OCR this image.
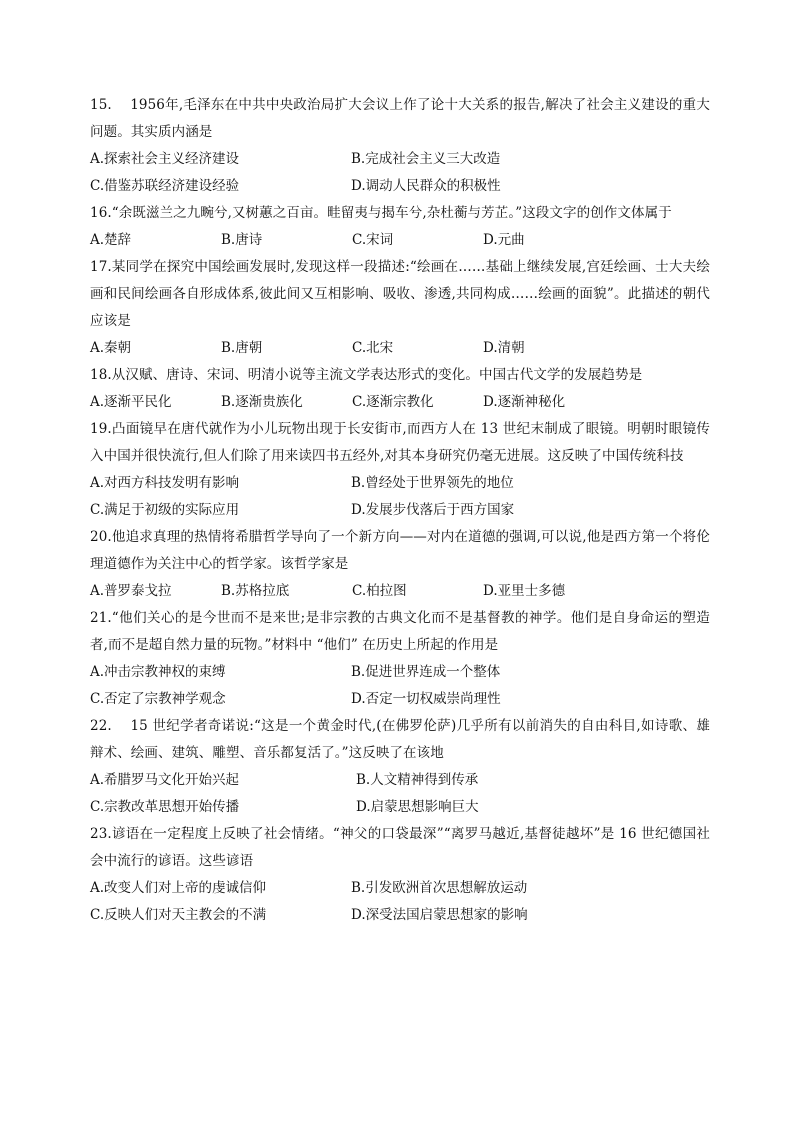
15.　 1956年,毛泽东在中共中央政治局扩大会议上作了论十大关系的报告,解决了社会主义建设的重大问题。其实质内涵是

A.探索社会主义经济建设	B.完成社会主义三大改造
C.借鉴苏联经济建设经验	D.调动人民群众的积极性

16.“余既滋兰之九畹兮,又树蕙之百亩。畦留夷与揭车兮,杂杜蘅与芳芷。”这段文字的创作文体属于

A.楚辞	B.唐诗	C.宋词	D.元曲

17.某同学在探究中国绘画发展时,发现这样一段描述:“绘画在……基础上继续发展,宫廷绘画、士大夫绘画和民间绘画各自形成体系,彼此间又互相影响、吸收、渗透,共同构成……绘画的面貌”。此描述的朝代应该是

A.秦朝	B.唐朝	C.北宋	D.清朝

18.从汉赋、唐诗、宋词、明清小说等主流文学表达形式的变化。中国古代文学的发展趋势是

A.逐渐平民化	B.逐渐贵族化	C.逐渐宗教化	D.逐渐神秘化

19.凸面镜早在唐代就作为小儿玩物出现于长安街市,而西方人在 13 世纪末制成了眼镜。明朝时眼镜传入中国并很快流行,但人们除了用来读四书五经外,对其本身研究仍毫无进展。这反映了中国传统科技

A.对西方科技发明有影响	B.曾经处于世界领先的地位
C.满足于初级的实际应用	D.发展步伐落后于西方国家

20.他追求真理的热情将希腊哲学导向了一个新方向——对内在道德的强调,可以说,他是西方第一个将伦理道德作为关注中心的哲学家。该哲学家是

A.普罗泰戈拉	B.苏格拉底	C.柏拉图	D.亚里士多德

21.“他们关心的是今世而不是来世;是非宗教的古典文化而不是基督教的神学。他们是自身命运的塑造者,而不是超自然力量的玩物。”材料中 “他们” 在历史上所起的作用是

A.冲击宗教神权的束缚	B.促进世界连成一个整体
C.否定了宗教神学观念	D.否定一切权威崇尚理性

22.　 15 世纪学者奇诺说:“这是一个黄金时代,(在佛罗伦萨)几乎所有以前消失的自由科目,如诗歌、雄辩术、绘画、建筑、雕塑、音乐都复活了。”这反映了在该地

A.希腊罗马文化开始兴起	B.人文精神得到传承
C.宗教改革思想开始传播	D.启蒙思想影响巨大

23.谚语在一定程度上反映了社会情绪。“神父的口袋最深”“离罗马越近,基督徒越坏”是 16 世纪德国社会中流行的谚语。这些谚语

A.改变人们对上帝的虔诚信仰	B.引发欧洲首次思想解放运动
C.反映人们对天主教会的不满	D.深受法国启蒙思想家的影响
